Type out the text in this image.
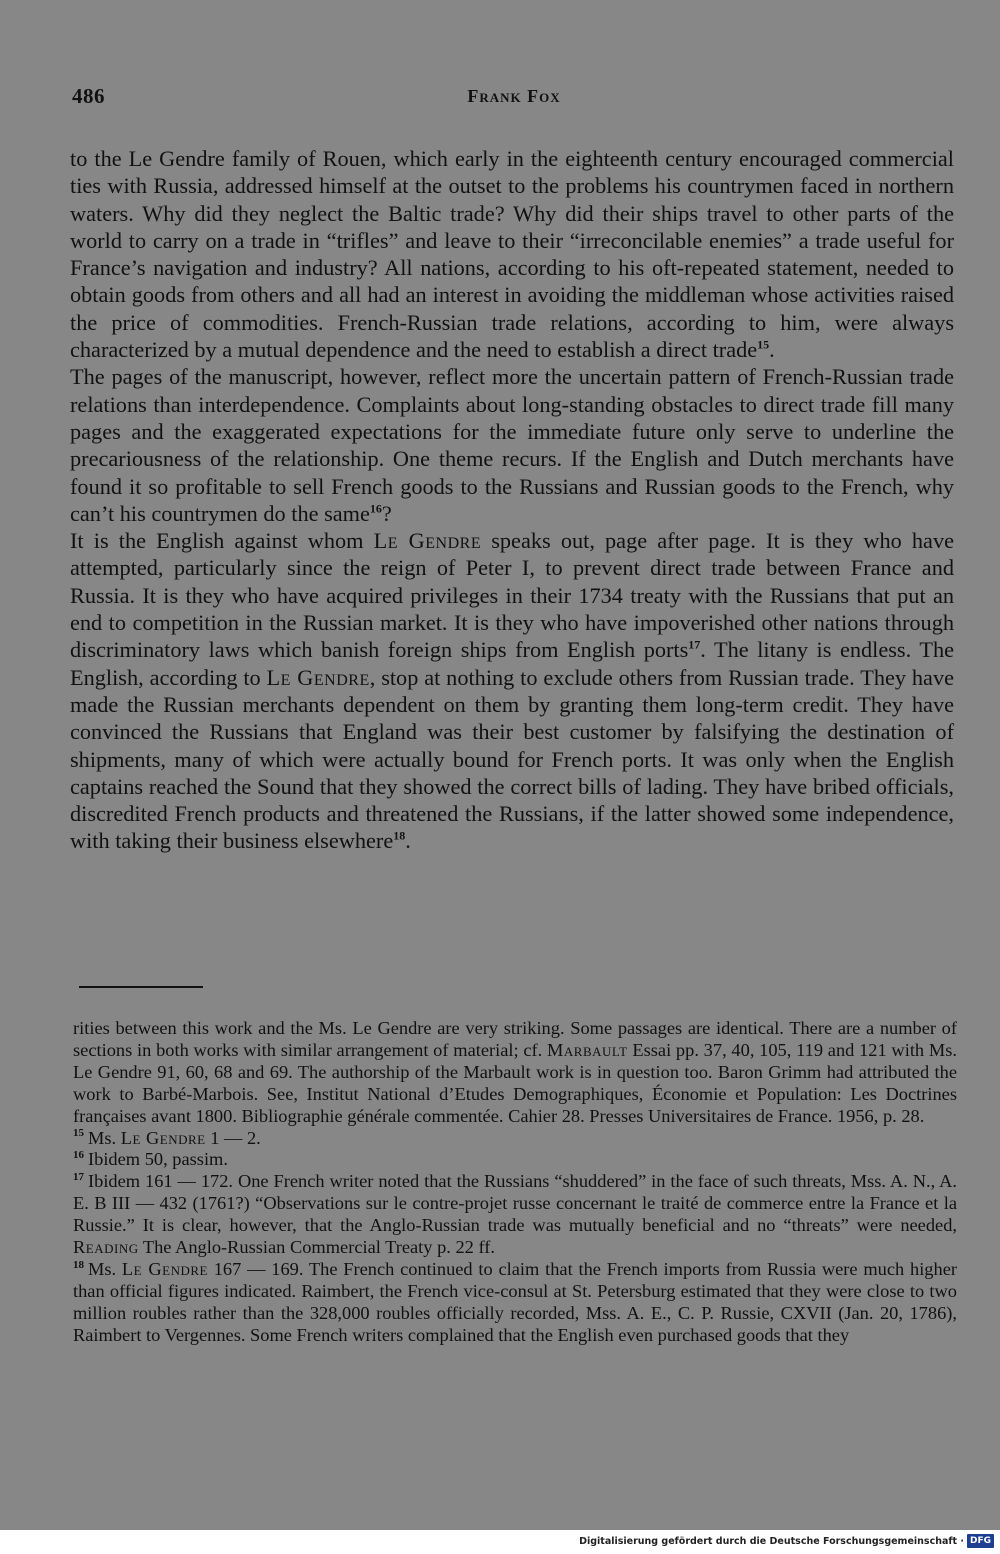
486	Frank Fox

to the Le Gendre family of Rouen, which early in the eighteenth century encouraged commercial ties with Russia, addressed himself at the outset to the problems his countrymen faced in northern waters. Why did they neglect the Baltic trade? Why did their ships travel to other parts of the world to carry on a trade in “trifles” and leave to their “irreconcilable enemies” a trade useful for France’s navigation and industry? All nations, according to his oft-repeated statement, needed to obtain goods from others and all had an interest in avoiding the middleman whose activities raised the price of commodities. French-Russian trade relations, according to him, were always characterized by a mutual dependence and the need to establish a direct trade$^{15}$.

The pages of the manuscript, however, reflect more the uncertain pattern of French-Russian trade relations than interdependence. Complaints about long-standing obstacles to direct trade fill many pages and the exaggerated expectations for the immediate future only serve to underline the precariousness of the relationship. One theme recurs. If the English and Dutch merchants have found it so profitable to sell French goods to the Russians and Russian goods to the French, why can’t his countrymen do the same$^{16}$?

It is the English against whom Le Gendre speaks out, page after page. It is they who have attempted, particularly since the reign of Peter I, to prevent direct trade between France and Russia. It is they who have acquired privileges in their 1734 treaty with the Russians that put an end to competition in the Russian market. It is they who have impoverished other nations through discriminatory laws which banish foreign ships from English ports$^{17}$. The litany is endless. The English, according to Le Gendre, stop at nothing to exclude others from Russian trade. They have made the Russian merchants dependent on them by granting them long-term credit. They have convinced the Russians that England was their best customer by falsifying the destination of shipments, many of which were actually bound for French ports. It was only when the English captains reached the Sound that they showed the correct bills of lading. They have bribed officials, discredited French products and threatened the Russians, if the latter showed some independence, with taking their business elsewhere$^{18}$.

rities between this work and the Ms. Le Gendre are very striking. Some passages are identical. There are a number of sections in both works with similar arrangement of material; cf. Marbault Essai pp. 37, 40, 105, 119 and 121 with Ms. Le Gendre 91, 60, 68 and 69. The authorship of the Marbault work is in question too. Baron Grimm had attributed the work to Barbé-Marbois. See, Institut National d’Etudes Demographiques, Économie et Population: Les Doctrines françaises avant 1800. Bibliographie générale commentée. Cahier 28. Presses Universitaires de France. 1956, p. 28.

$^{15}$ Ms. Le Gendre 1 — 2.

$^{16}$ Ibidem 50, passim.

$^{17}$ Ibidem 161 — 172. One French writer noted that the Russians “shuddered” in the face of such threats, Mss. A. N., A. E. B III — 432 (1761?) “Observations sur le contre-projet russe concernant le traité de commerce entre la France et la Russie.” It is clear, however, that the Anglo-Russian trade was mutually beneficial and no “threats” were needed, Reading The Anglo-Russian Commercial Treaty p. 22 ff.

$^{18}$ Ms. Le Gendre 167 — 169. The French continued to claim that the French imports from Russia were much higher than official figures indicated. Raimbert, the French vice-consul at St. Petersburg estimated that they were close to two million roubles rather than the 328,000 roubles officially recorded, Mss. A. E., C. P. Russie, CXVII (Jan. 20, 1786), Raimbert to Vergennes. Some French writers complained that the English even purchased goods that they

Digitalisierung gefördert durch die Deutsche Forschungsgemeinschaft · DFG
